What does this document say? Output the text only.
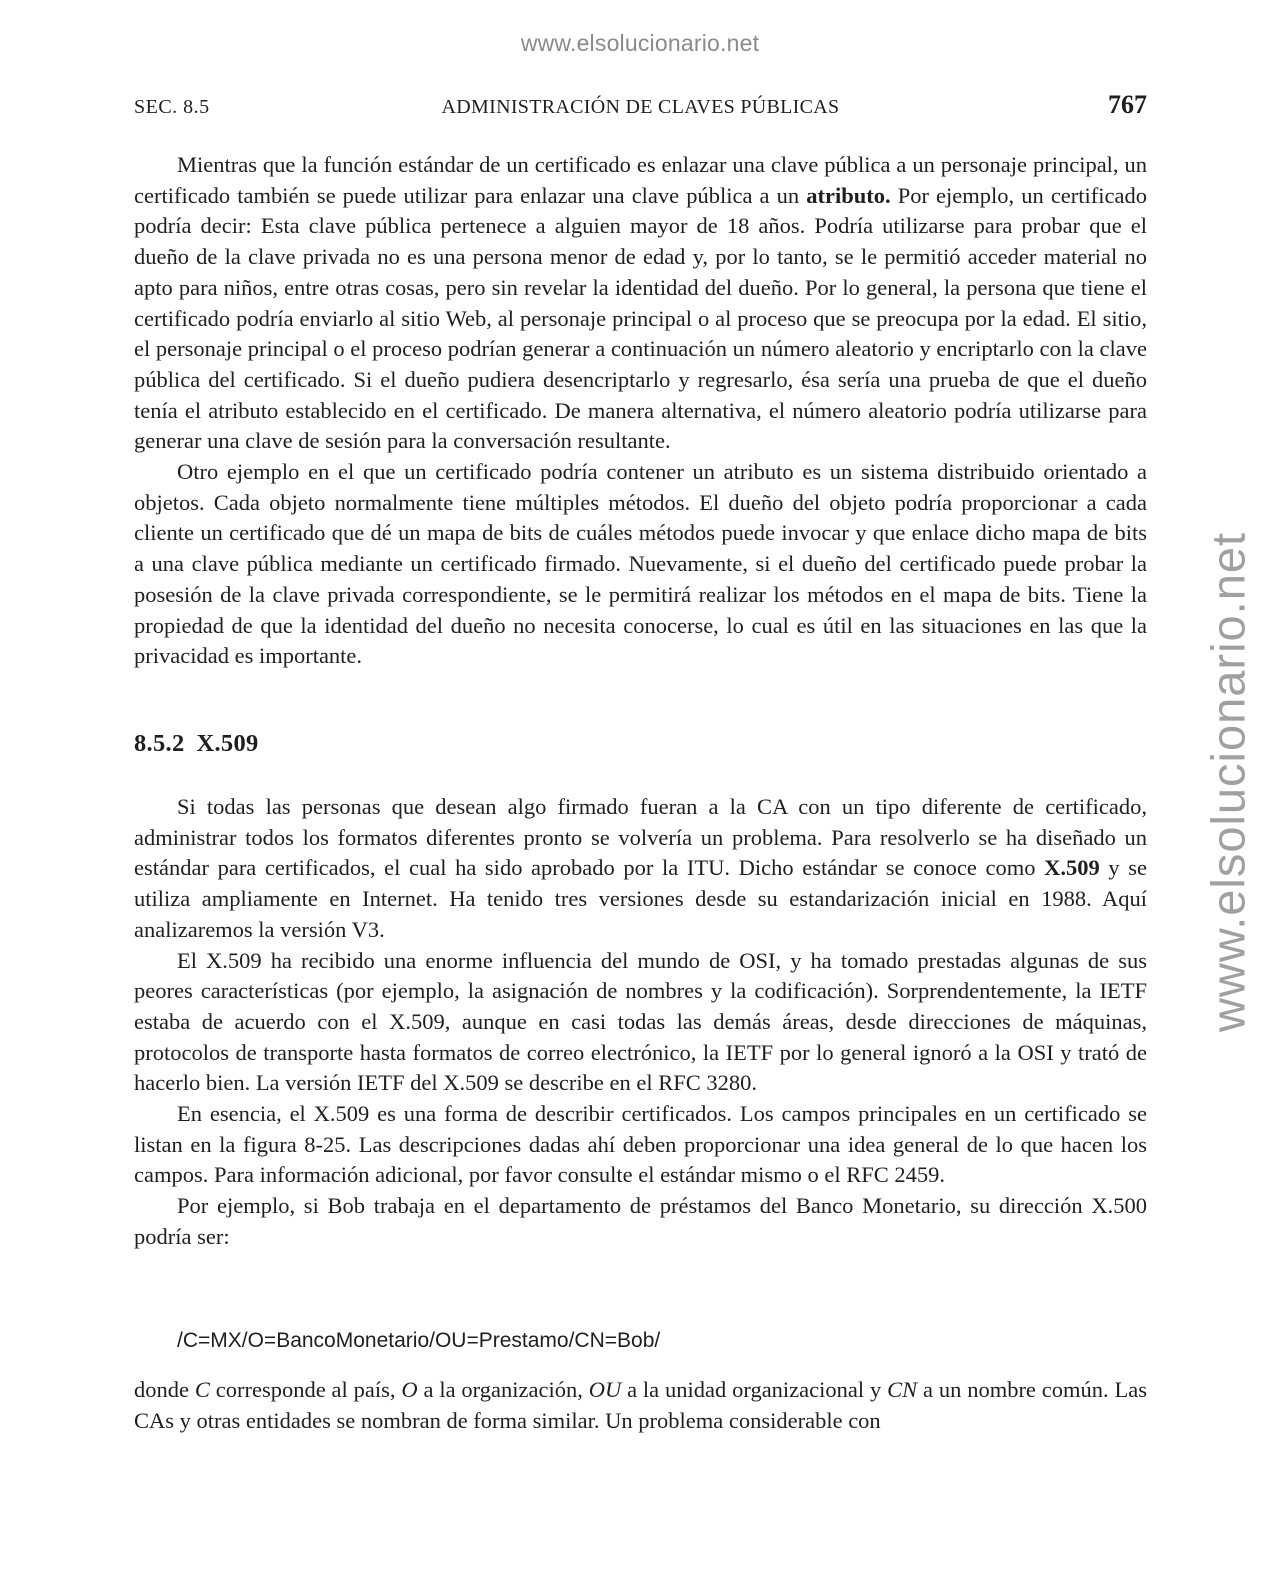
www.elsolucionario.net
www.elsolucionario.net
SEC. 8.5	ADMINISTRACIÓN DE CLAVES PÚBLICAS	767

Mientras que la función estándar de un certificado es enlazar una clave pública a un personaje principal, un certificado también se puede utilizar para enlazar una clave pública a un atributo. Por ejemplo, un certificado podría decir: Esta clave pública pertenece a alguien mayor de 18 años. Podría utilizarse para probar que el dueño de la clave privada no es una persona menor de edad y, por lo tanto, se le permitió acceder material no apto para niños, entre otras cosas, pero sin revelar la identidad del dueño. Por lo general, la persona que tiene el certificado podría enviarlo al sitio Web, al personaje principal o al proceso que se preocupa por la edad. El sitio, el personaje principal o el proceso podrían generar a continuación un número aleatorio y encriptarlo con la clave pública del certificado. Si el dueño pudiera desencriptarlo y regresarlo, ésa sería una prueba de que el dueño tenía el atributo establecido en el certificado. De manera alternativa, el número aleatorio podría utilizarse para generar una clave de sesión para la conversación resultante.

Otro ejemplo en el que un certificado podría contener un atributo es un sistema distribuido orientado a objetos. Cada objeto normalmente tiene múltiples métodos. El dueño del objeto podría proporcionar a cada cliente un certificado que dé un mapa de bits de cuáles métodos puede invocar y que enlace dicho mapa de bits a una clave pública mediante un certificado firmado. Nuevamente, si el dueño del certificado puede probar la posesión de la clave privada correspondiente, se le permitirá realizar los métodos en el mapa de bits. Tiene la propiedad de que la identidad del dueño no necesita conocerse, lo cual es útil en las situaciones en las que la privacidad es importante.

8.5.2 X.509

Si todas las personas que desean algo firmado fueran a la CA con un tipo diferente de certificado, administrar todos los formatos diferentes pronto se volvería un problema. Para resolverlo se ha diseñado un estándar para certificados, el cual ha sido aprobado por la ITU. Dicho estándar se conoce como X.509 y se utiliza ampliamente en Internet. Ha tenido tres versiones desde su estandarización inicial en 1988. Aquí analizaremos la versión V3.

El X.509 ha recibido una enorme influencia del mundo de OSI, y ha tomado prestadas algunas de sus peores características (por ejemplo, la asignación de nombres y la codificación). Sorprendentemente, la IETF estaba de acuerdo con el X.509, aunque en casi todas las demás áreas, desde direcciones de máquinas, protocolos de transporte hasta formatos de correo electrónico, la IETF por lo general ignoró a la OSI y trató de hacerlo bien. La versión IETF del X.509 se describe en el RFC 3280.

En esencia, el X.509 es una forma de describir certificados. Los campos principales en un certificado se listan en la figura 8-25. Las descripciones dadas ahí deben proporcionar una idea general de lo que hacen los campos. Para información adicional, por favor consulte el estándar mismo o el RFC 2459.

Por ejemplo, si Bob trabaja en el departamento de préstamos del Banco Monetario, su dirección X.500 podría ser:

/C=MX/O=BancoMonetario/OU=Prestamo/CN=Bob/

donde C corresponde al país, O a la organización, OU a la unidad organizacional y CN a un nombre común. Las CAs y otras entidades se nombran de forma similar. Un problema considerable con
